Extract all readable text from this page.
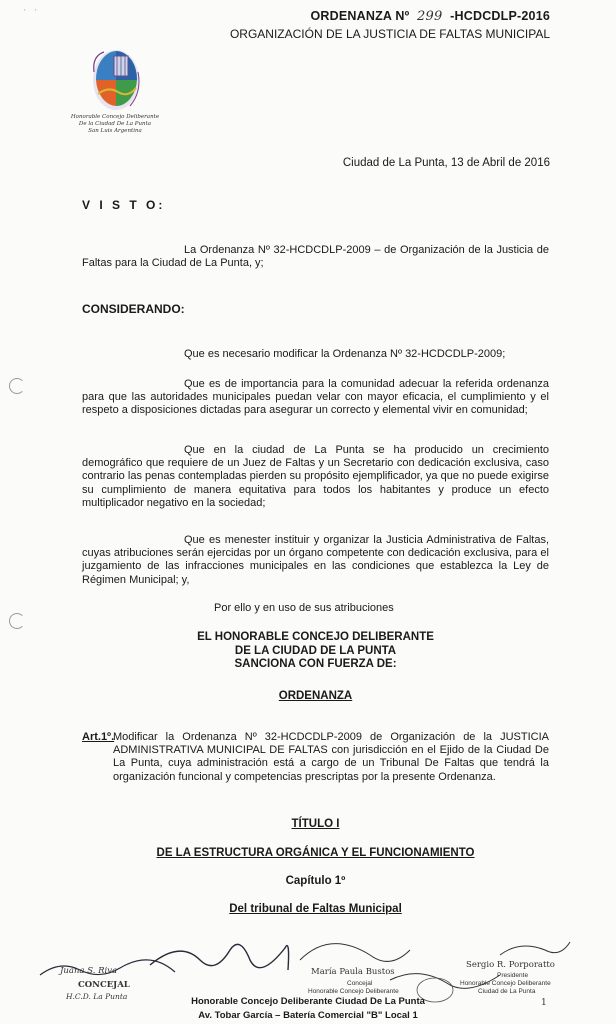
· ·	ORDENANZA Nº 299 -HCDCDLP-2016
ORGANIZACIÓN DE LA JUSTICIA DE FALTAS MUNICIPAL
Honorable Concejo Deliberante
De la Ciudad De La Punta
San Luis Argentina
Ciudad de La Punta, 13 de Abril de 2016
V I S T O:
La Ordenanza Nº 32-HCDCDLP-2009 – de Organización de la Justicia de Faltas para la Ciudad de La Punta, y;
CONSIDERANDO:
Que es necesario modificar la Ordenanza Nº 32-HCDCDLP-2009;
Que es de importancia para la comunidad adecuar la referida ordenanza para que las autoridades municipales puedan velar con mayor eficacia, el cumplimiento y el respeto a disposiciones dictadas para asegurar un correcto y elemental vivir en comunidad;
Que en la ciudad de La Punta se ha producido un crecimiento demográfico que requiere de un Juez de Faltas y un Secretario con dedicación exclusiva, caso contrario las penas contempladas pierden su propósito ejemplificador, ya que no puede exigirse su cumplimiento de manera equitativa para todos los habitantes y produce un efecto multiplicador negativo en la sociedad;
Que es menester instituir y organizar la Justicia Administrativa de Faltas, cuyas atribuciones serán ejercidas por un órgano competente con dedicación exclusiva, para el juzgamiento de las infracciones municipales en las condiciones que establezca la Ley de Régimen Municipal; y,
Por ello y en uso de sus atribuciones
EL HONORABLE CONCEJO DELIBERANTE
DE LA CIUDAD DE LA PUNTA
SANCIONA CON FUERZA DE:
ORDENANZA
Art.1º.
Modificar la Ordenanza Nº 32-HCDCDLP-2009 de Organización de la JUSTICIA ADMINISTRATIVA MUNICIPAL DE FALTAS con jurisdicción en el Ejido de la Ciudad De La Punta, cuya administración está a cargo de un Tribunal De Faltas que tendrá la organización funcional y competencias prescriptas por la presente Ordenanza.
TÍTULO I
DE LA ESTRUCTURA ORGÁNICA Y EL FUNCIONAMIENTO
Capítulo 1º
Del tribunal de Faltas Municipal
Juana S. Riva
CONCEJAL
H.C.D. La Punta
María Paula Bustos
Concejal
Honorable Concejo Deliberante
Sergio R. Porporatto
Presidente
Honorable Concejo Deliberante
Ciudad de La Punta
1
Honorable Concejo Deliberante Ciudad De La Punta
Av. Tobar García – Batería Comercial "B" Local 1
